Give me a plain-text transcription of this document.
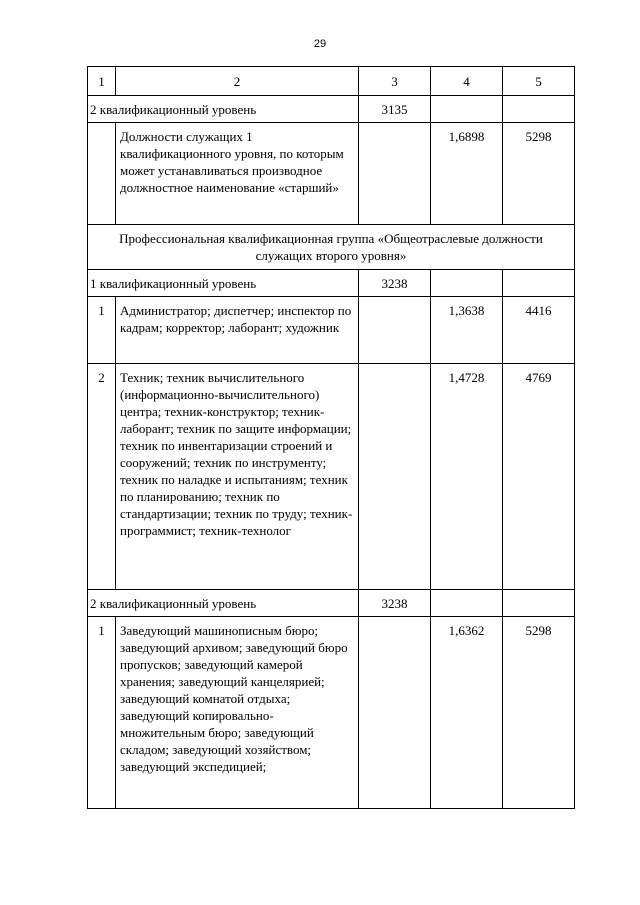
29
1	2	3	4	5
2 квалификационный уровень		3135		
	Должности служащих 1 квалификационного уровня, по которым может устанавливаться производное должностное наименование «старший»		1,6898	5298
Профессиональная квалификационная группа «Общеотраслевые должности служащих второго уровня»				
1 квалификационный уровень		3238		
1	Администратор; диспетчер; инспектор по кадрам; корректор; лаборант; художник		1,3638	4416
2	Техник; техник вычислительного (информационно-вычислительного) центра; техник-конструктор; техник-лаборант; техник по защите информации; техник по инвентаризации строений и сооружений; техник по инструменту; техник по наладке и испытаниям; техник по планированию; техник по стандартизации; техник по труду; техник-программист; техник-технолог		1,4728	4769
2 квалификационный уровень		3238		
1	Заведующий машинописным бюро; заведующий архивом; заведующий бюро пропусков; заведующий камерой хранения; заведующий канцелярией; заведующий комнатой отдыха; заведующий копировально-множительным бюро; заведующий складом; заведующий хозяйством; заведующий экспедицией;		1,6362	5298
